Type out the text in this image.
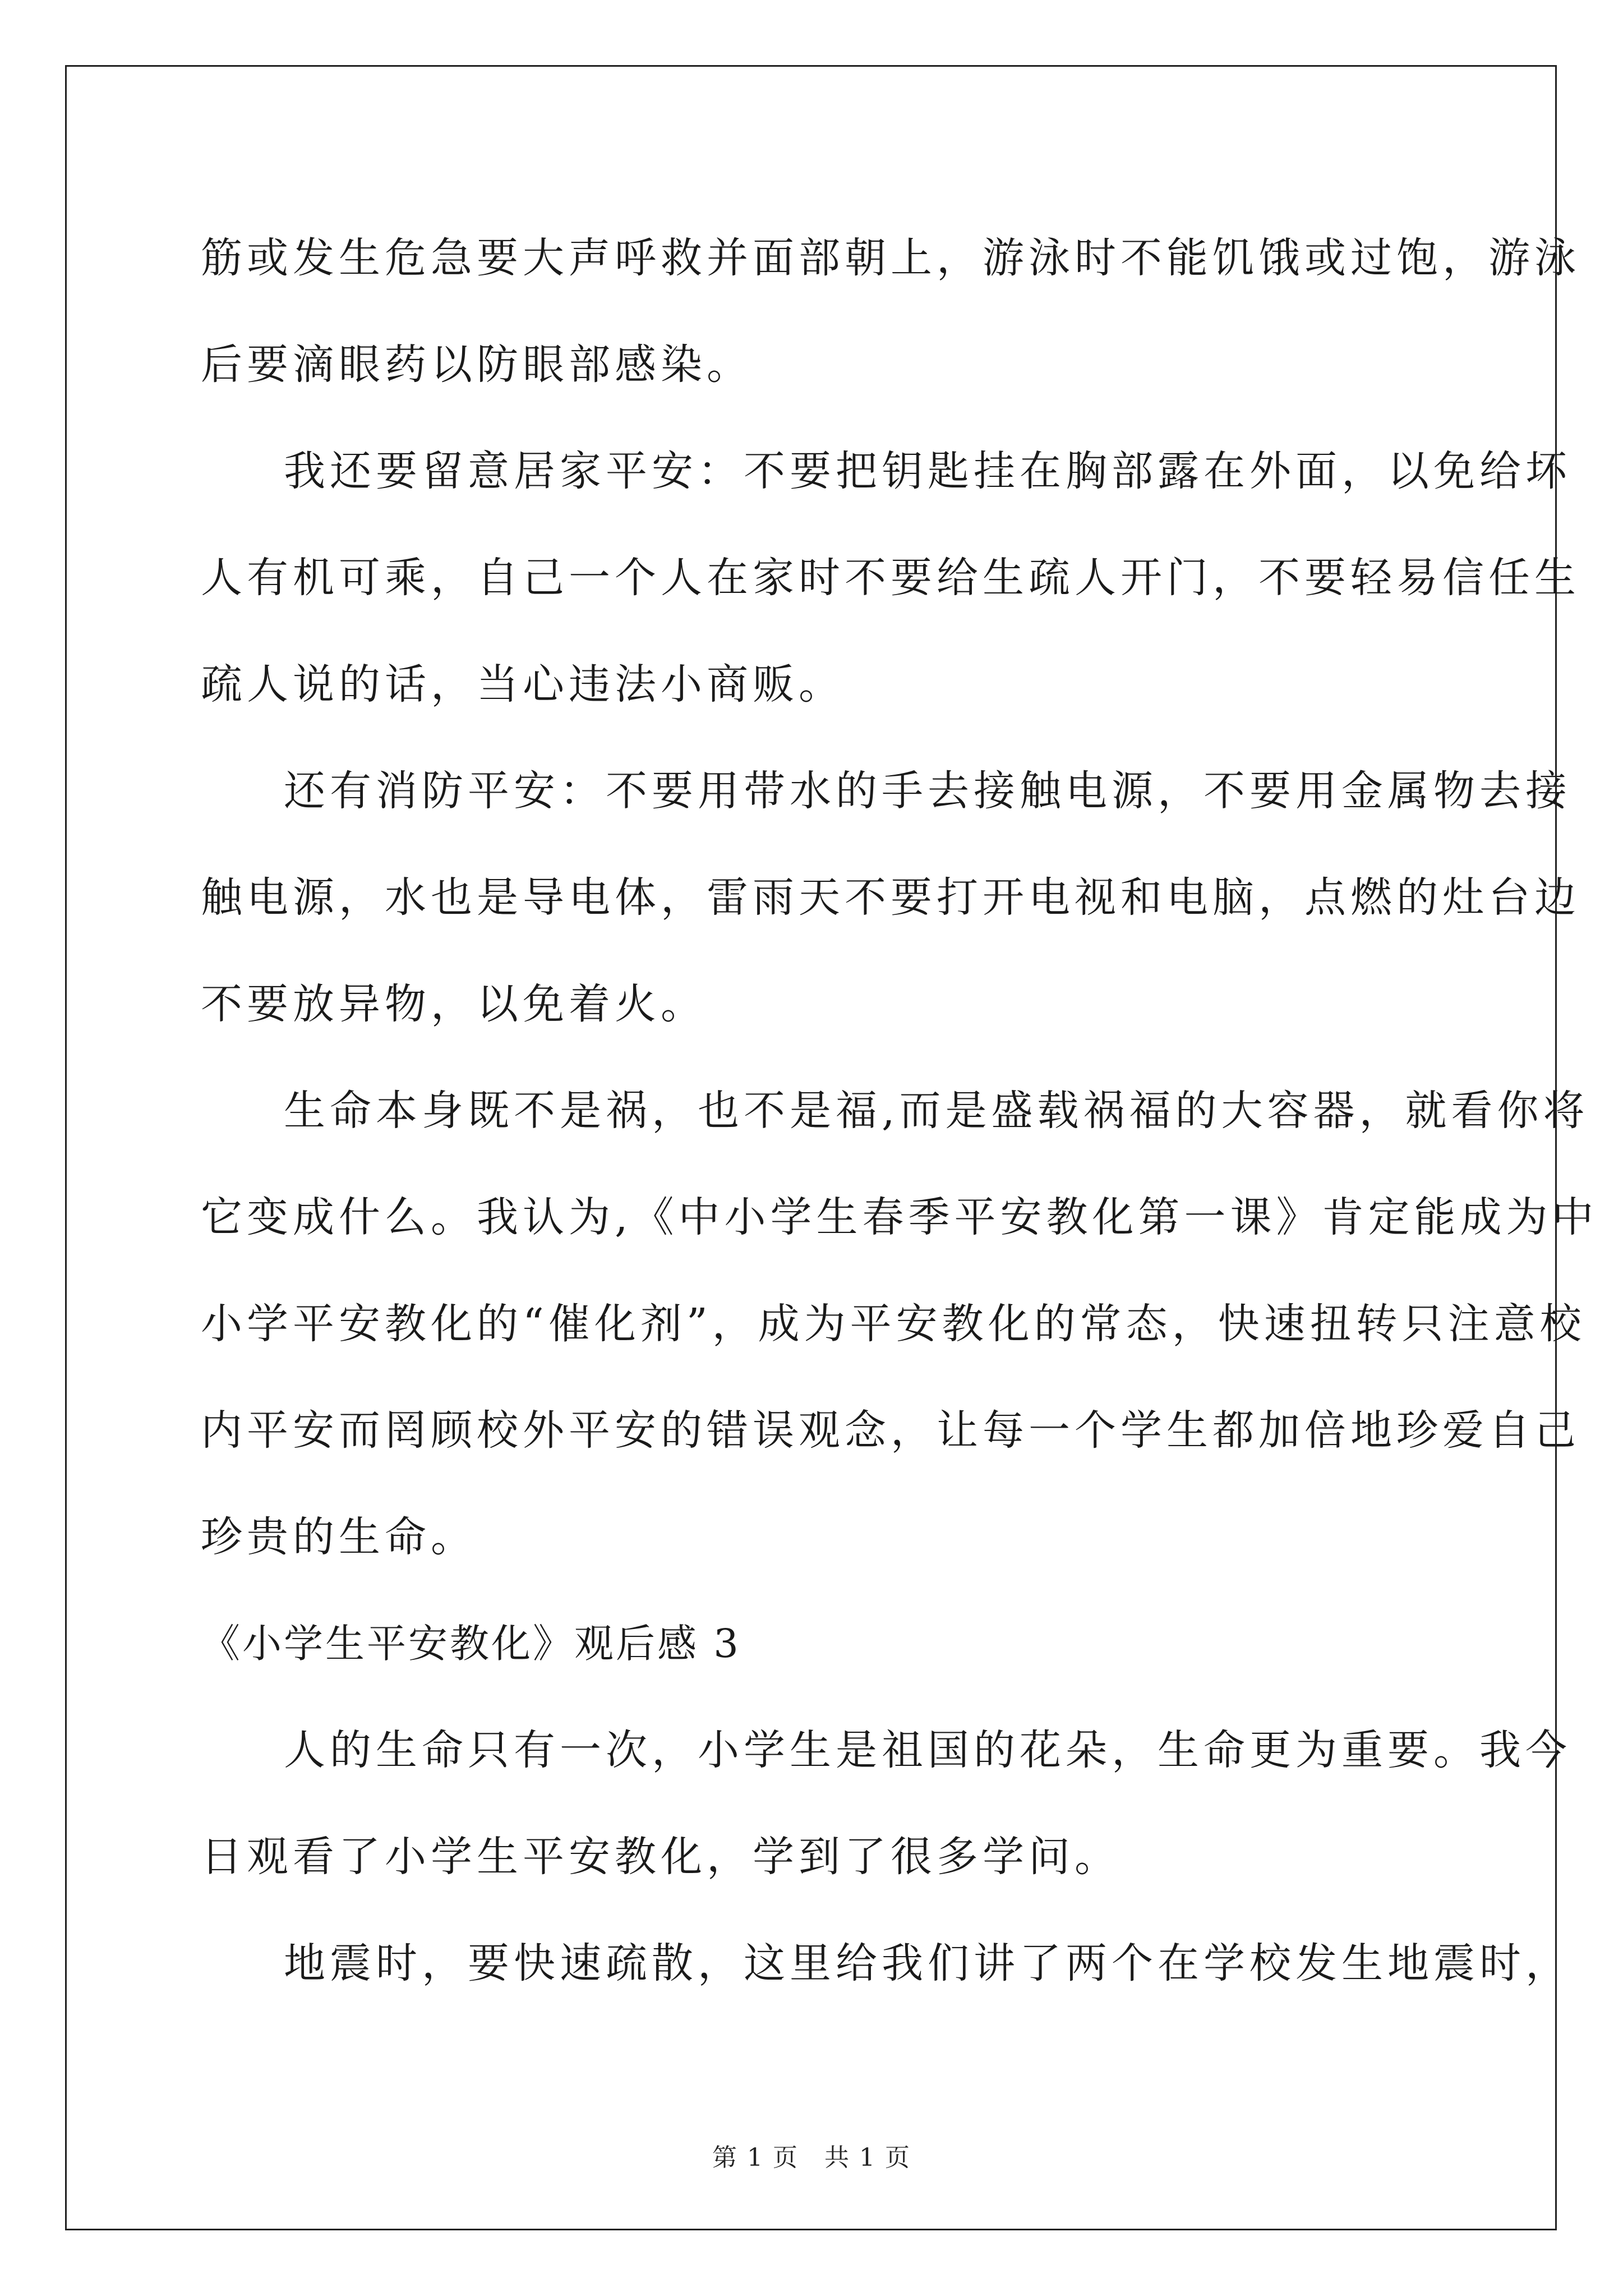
筋或发生危急要大声呼救并面部朝上，游泳时不能饥饿或过饱，游泳
后要滴眼药以防眼部感染。
我还要留意居家平安：不要把钥匙挂在胸部露在外面，以免给坏
人有机可乘，自己一个人在家时不要给生疏人开门，不要轻易信任生
疏人说的话，当心违法小商贩。
还有消防平安：不要用带水的手去接触电源，不要用金属物去接
触电源，水也是导电体，雷雨天不要打开电视和电脑，点燃的灶台边
不要放异物，以免着火。
生命本身既不是祸，也不是福,而是盛载祸福的大容器，就看你将
它变成什么。我认为,《中小学生春季平安教化第一课》肯定能成为中
小学平安教化的“催化剂”，成为平安教化的常态，快速扭转只注意校
内平安而罔顾校外平安的错误观念，让每一个学生都加倍地珍爱自己
珍贵的生命。
《小学生平安教化》观后感 3
人的生命只有一次，小学生是祖国的花朵，生命更为重要。我今
日观看了小学生平安教化，学到了很多学问。
地震时，要快速疏散，这里给我们讲了两个在学校发生地震时，
第 1 页　共 1 页
